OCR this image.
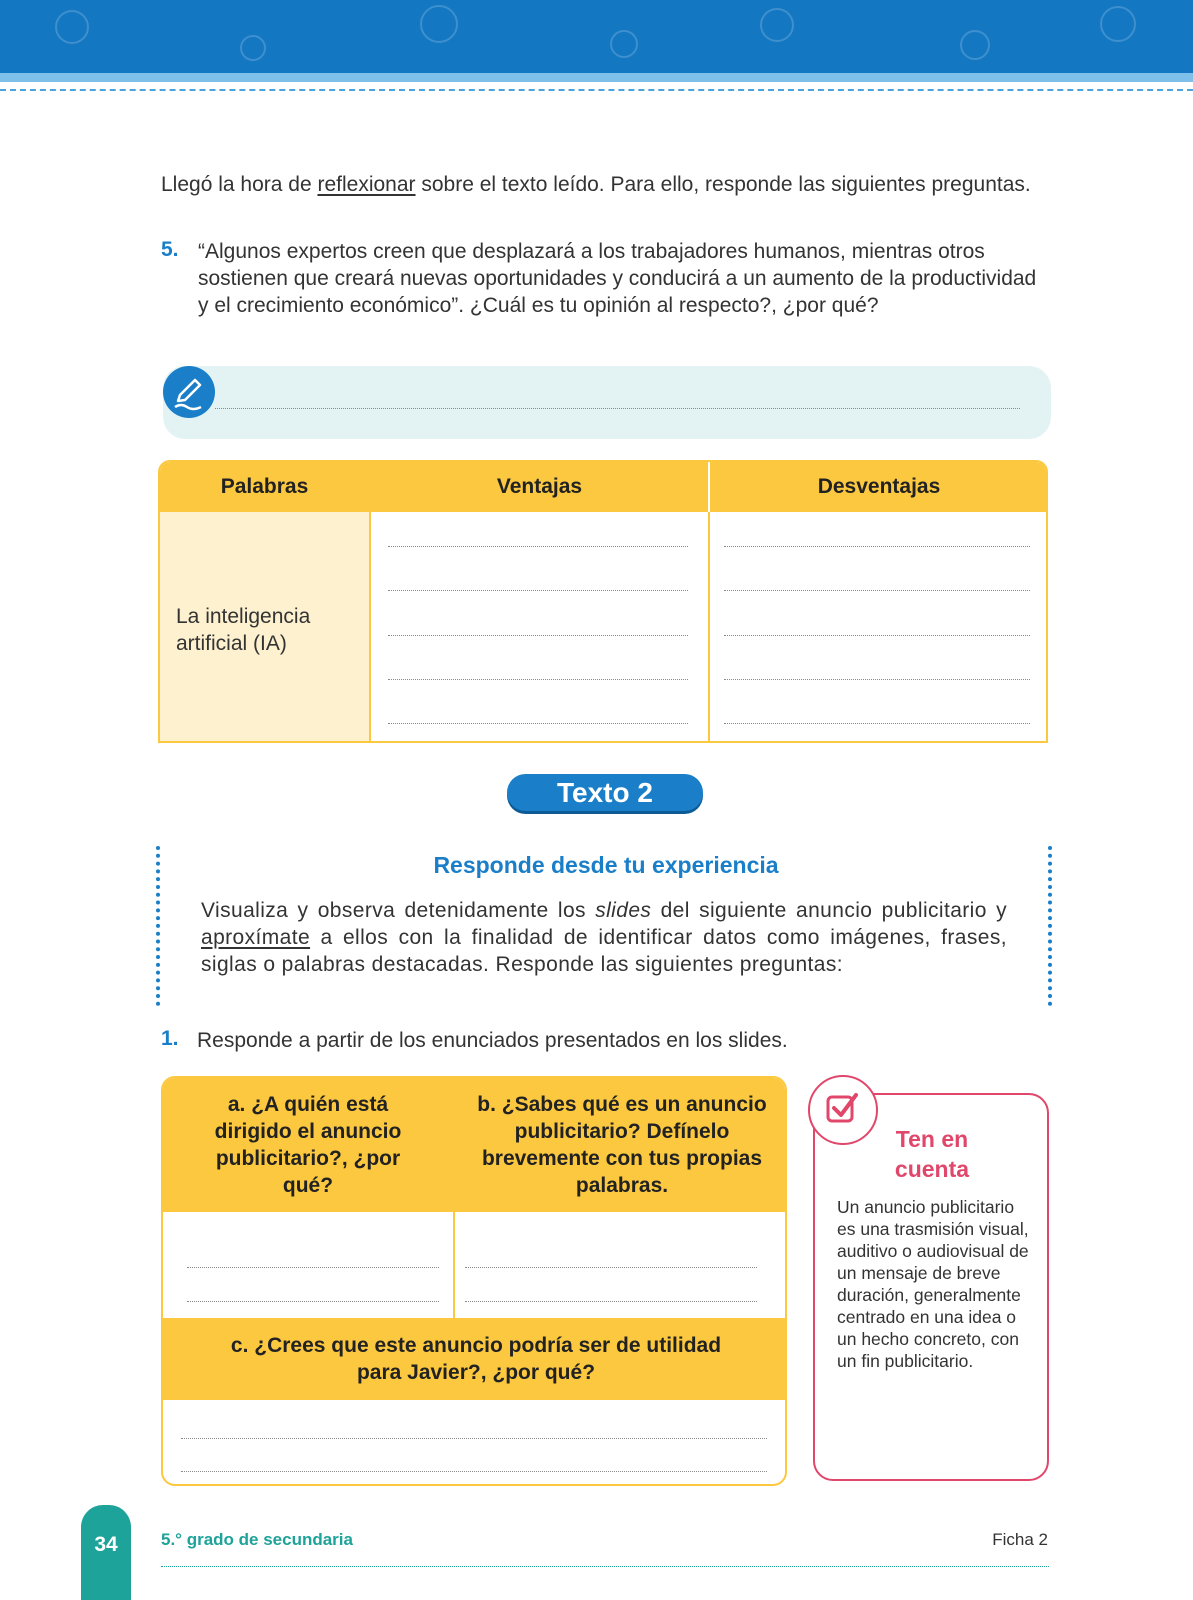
Llegó la hora de reflexionar sobre el texto leído. Para ello, responde las siguientes preguntas.

5. “Algunos expertos creen que desplazará a los trabajadores humanos, mientras otros sostienen que creará nuevas oportunidades y conducirá a un aumento de la productividad y el crecimiento económico”. ¿Cuál es tu opinión al respecto?, ¿por qué?

Palabras	Ventajas	Desventajas
La inteligencia artificial (IA)
Texto 2
Responde desde tu experiencia

Visualiza y observa detenidamente los slides del siguiente anuncio publicitario y aproxímate a ellos con la finalidad de identificar datos como imágenes, frases, siglas o palabras destacadas. Responde las siguientes preguntas:

1. Responde a partir de los enunciados presentados en los slides.

a. ¿A quién está dirigido el anuncio publicitario?, ¿por qué?
b. ¿Sabes qué es un anuncio publicitario? Defínelo brevemente con tus propias palabras.
c. ¿Crees que este anuncio podría ser de utilidad para Javier?, ¿por qué?
Ten en
cuenta

Un anuncio publicitario es una trasmisión visual, auditivo o audiovisual de un mensaje de breve duración, generalmente centrado en una idea o un hecho concreto, con un fin publicitario.

34	5.° grado de secundaria	Ficha 2
